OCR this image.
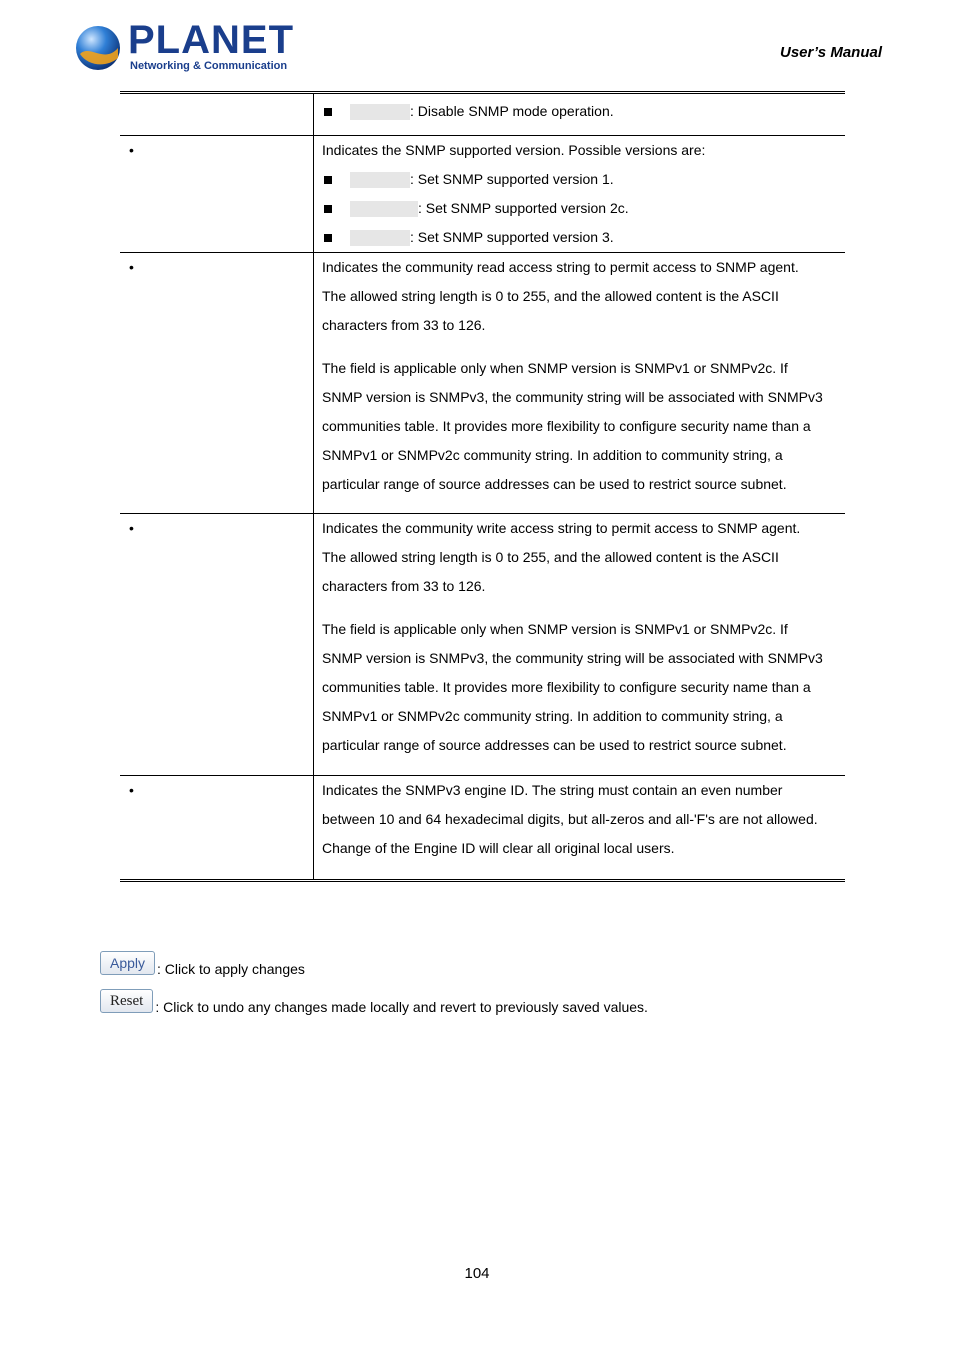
PLANET
Networking & Communication
User’s Manual
: Disable SNMP mode operation.
•	Indicates the SNMP supported version. Possible versions are:
: Set SNMP supported version 1.
: Set SNMP supported version 2c.
: Set SNMP supported version 3.
•	Indicates the community read access string to permit access to SNMP agent.
The allowed string length is 0 to 255, and the allowed content is the ASCII
characters from 33 to 126.
The field is applicable only when SNMP version is SNMPv1 or SNMPv2c. If
SNMP version is SNMPv3, the community string will be associated with SNMPv3
communities table. It provides more flexibility to configure security name than a
SNMPv1 or SNMPv2c community string. In addition to community string, a
particular range of source addresses can be used to restrict source subnet.
•	Indicates the community write access string to permit access to SNMP agent.
The allowed string length is 0 to 255, and the allowed content is the ASCII
characters from 33 to 126.
The field is applicable only when SNMP version is SNMPv1 or SNMPv2c. If
SNMP version is SNMPv3, the community string will be associated with SNMPv3
communities table. It provides more flexibility to configure security name than a
SNMPv1 or SNMPv2c community string. In addition to community string, a
particular range of source addresses can be used to restrict source subnet.
•	Indicates the SNMPv3 engine ID. The string must contain an even number
between 10 and 64 hexadecimal digits, but all-zeros and all-'F's are not allowed.
Change of the Engine ID will clear all original local users.
Apply : Click to apply changes
Reset : Click to undo any changes made locally and revert to previously saved values.
104
